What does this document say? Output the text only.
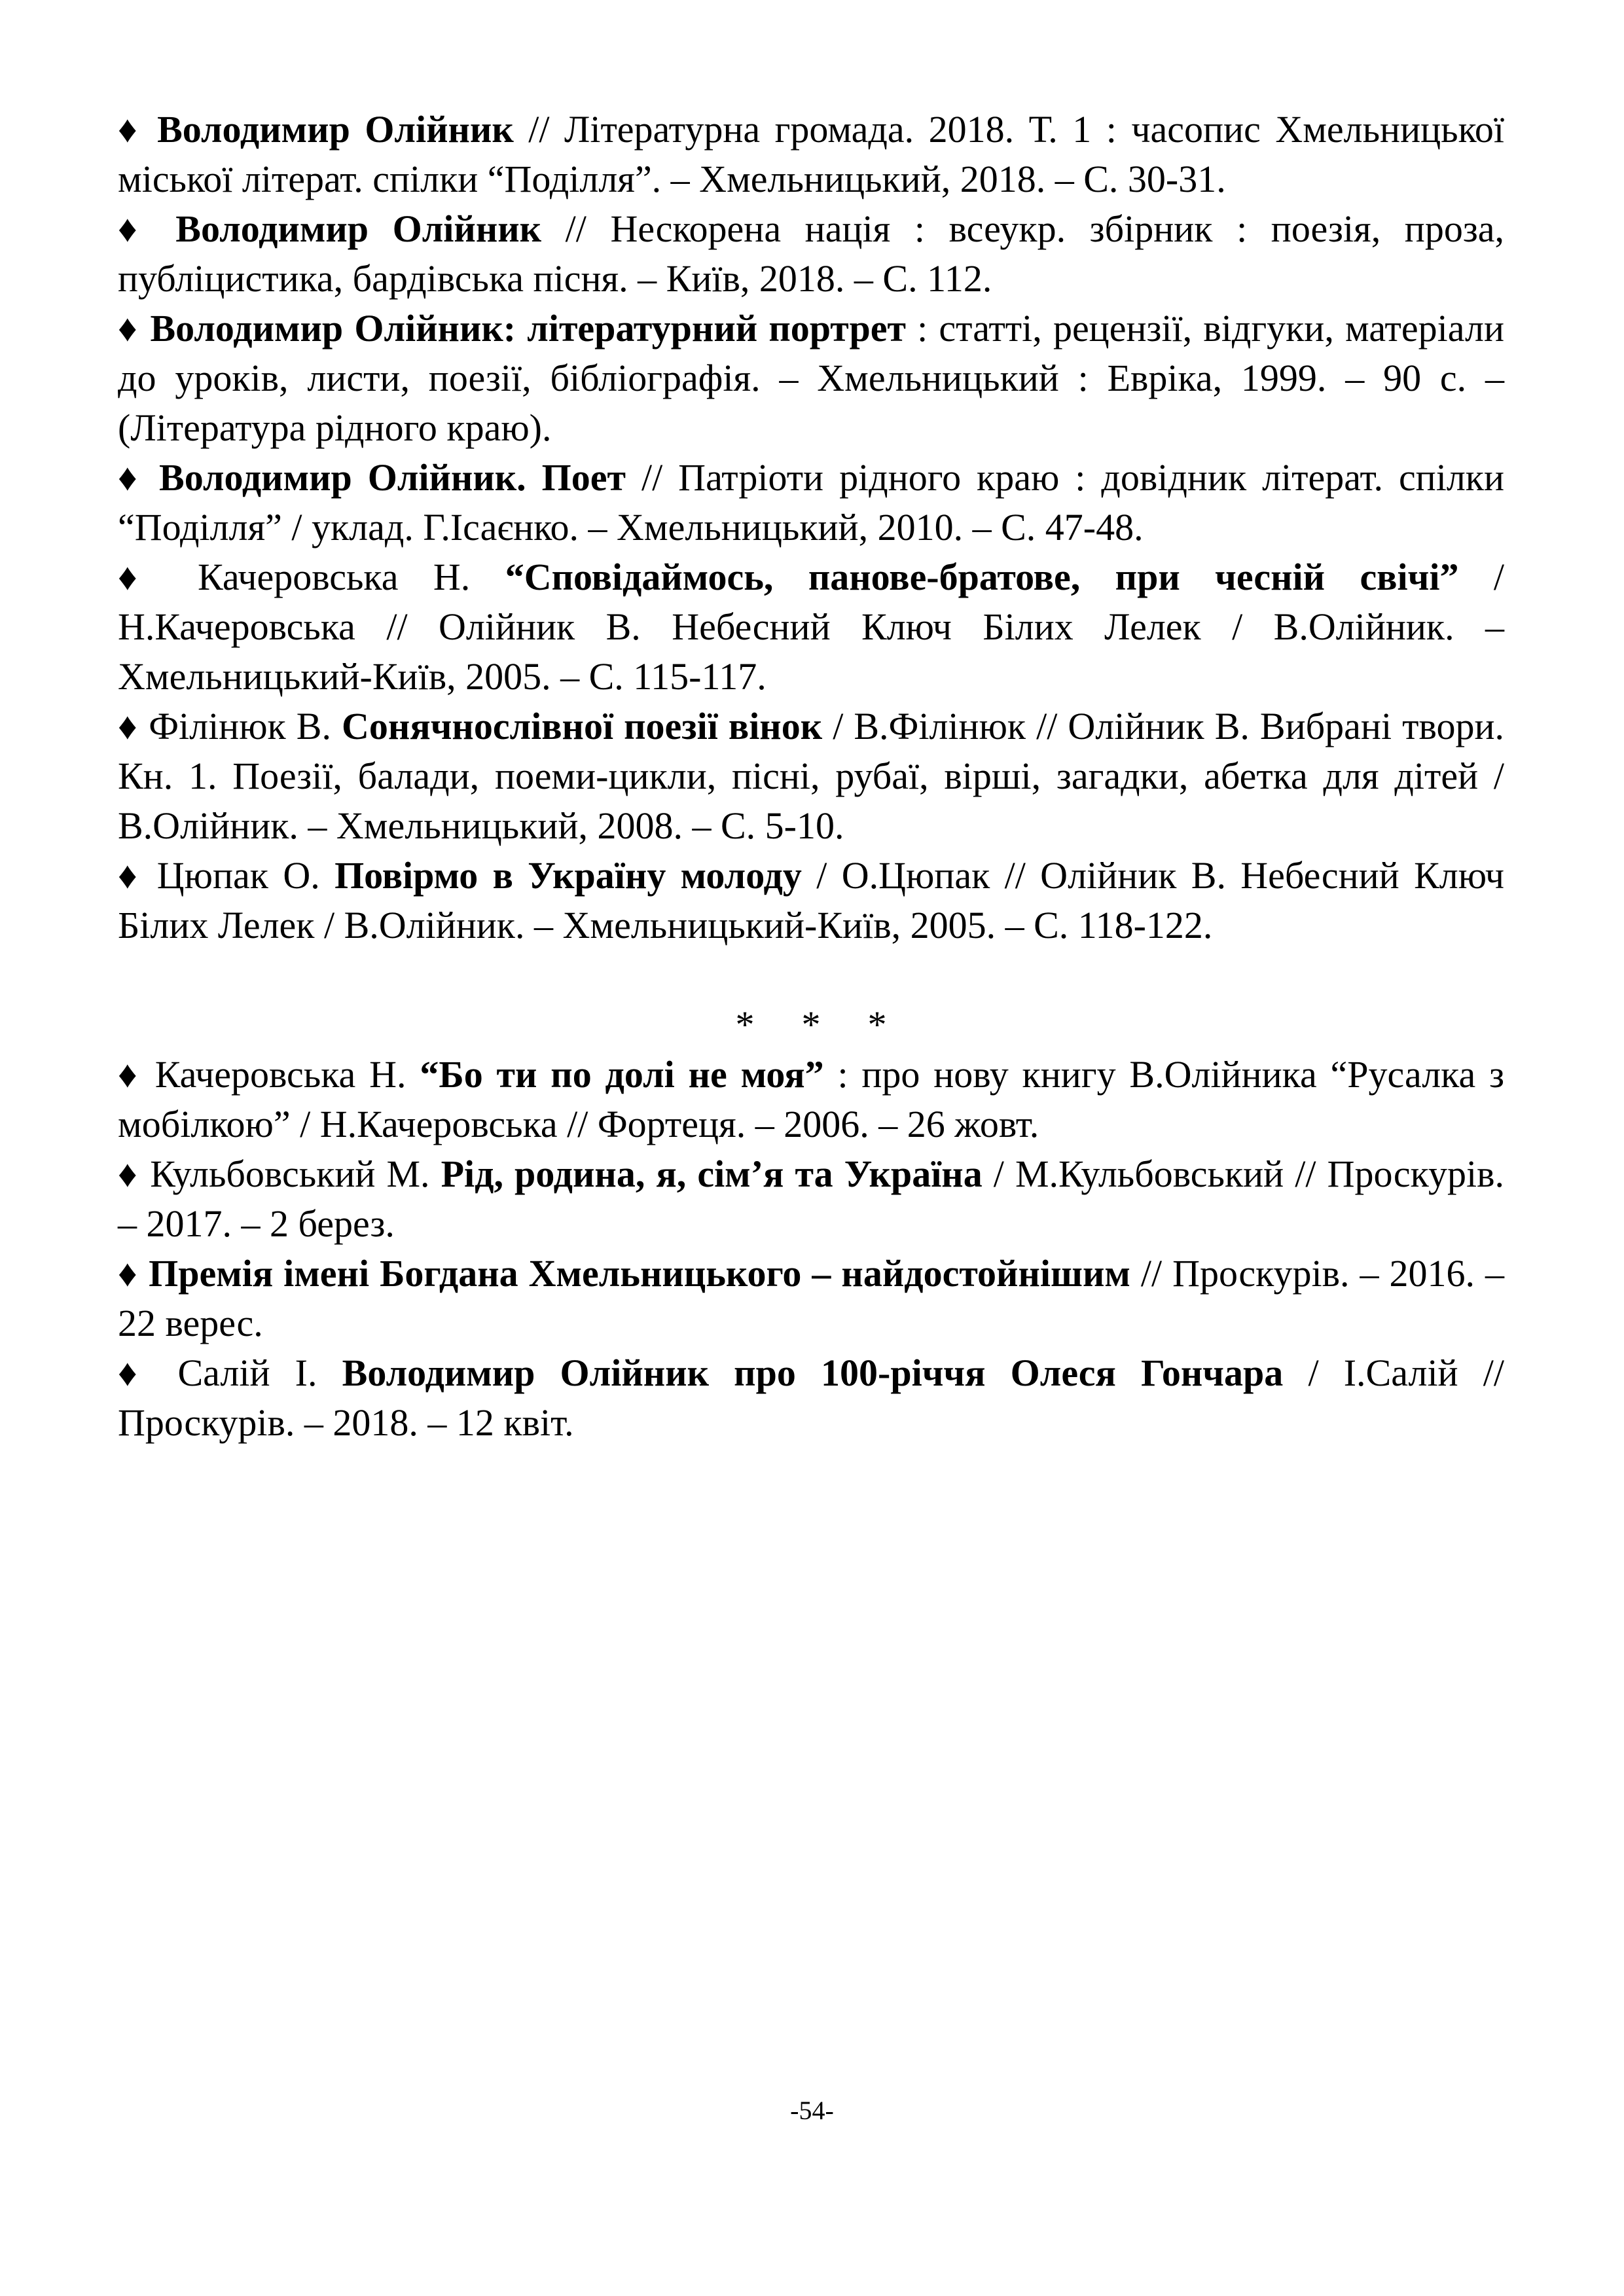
♦ Володимир Олійник // Літературна громада. 2018. Т. 1 : часопис Хмельницької міської літерат. спілки “Поділля”. – Хмельницький, 2018. – С. 30-31.

♦ Володимир Олійник // Нескорена нація : всеукр. збірник : поезія, проза, публіцистика, бардівська пісня. – Київ, 2018. – С. 112.

♦ Володимир Олійник: літературний портрет : статті, рецензії, відгуки, матеріали до уроків, листи, поезії, бібліографія. – Хмельницький : Еврiка, 1999. – 90 с. – (Література рідного краю).

♦ Володимир Олійник. Поет // Патріоти рідного краю : довідник літерат. спілки “Поділля” / уклад. Г.Ісаєнко. – Хмельницький, 2010. – С. 47-48.

♦ Качеровська Н. “Сповідаймось, панове-братове, при чесній свічі” / Н.Качеровська // Олійник В. Небесний Ключ Білих Лелек / В.Олійник. – Хмельницький-Київ, 2005. – С. 115-117.

♦ Філінюк В. Сонячнослівної поезії вінок / В.Філінюк // Олійник В. Вибрані твори. Кн. 1. Поезії, балади, поеми-цикли, пісні, рубаї, вірші, загадки, абетка для дітей / В.Олійник. – Хмельницький, 2008. – С. 5-10.

♦ Цюпак О. Повірмо в Україну молоду / О.Цюпак // Олійник В. Небесний Ключ Білих Лелек / В.Олійник. – Хмельницький-Київ, 2005. – С. 118-122.

* * *

♦ Качеровська Н. “Бо ти по долі не моя” : про нову книгу В.Олійника “Русалка з мобілкою” / Н.Качеровська // Фортеця. – 2006. – 26 жовт.

♦ Кульбовський М. Рід, родина, я, сім’я та Україна / М.Кульбовський // Проскурів. – 2017. – 2 берез.

♦ Премія імені Богдана Хмельницького – найдостойнішим // Проскурів. – 2016. – 22 верес.

♦ Салій І. Володимир Олійник про 100-річчя Олеся Гончара / І.Салій // Проскурів. – 2018. – 12 квіт.

-54-
